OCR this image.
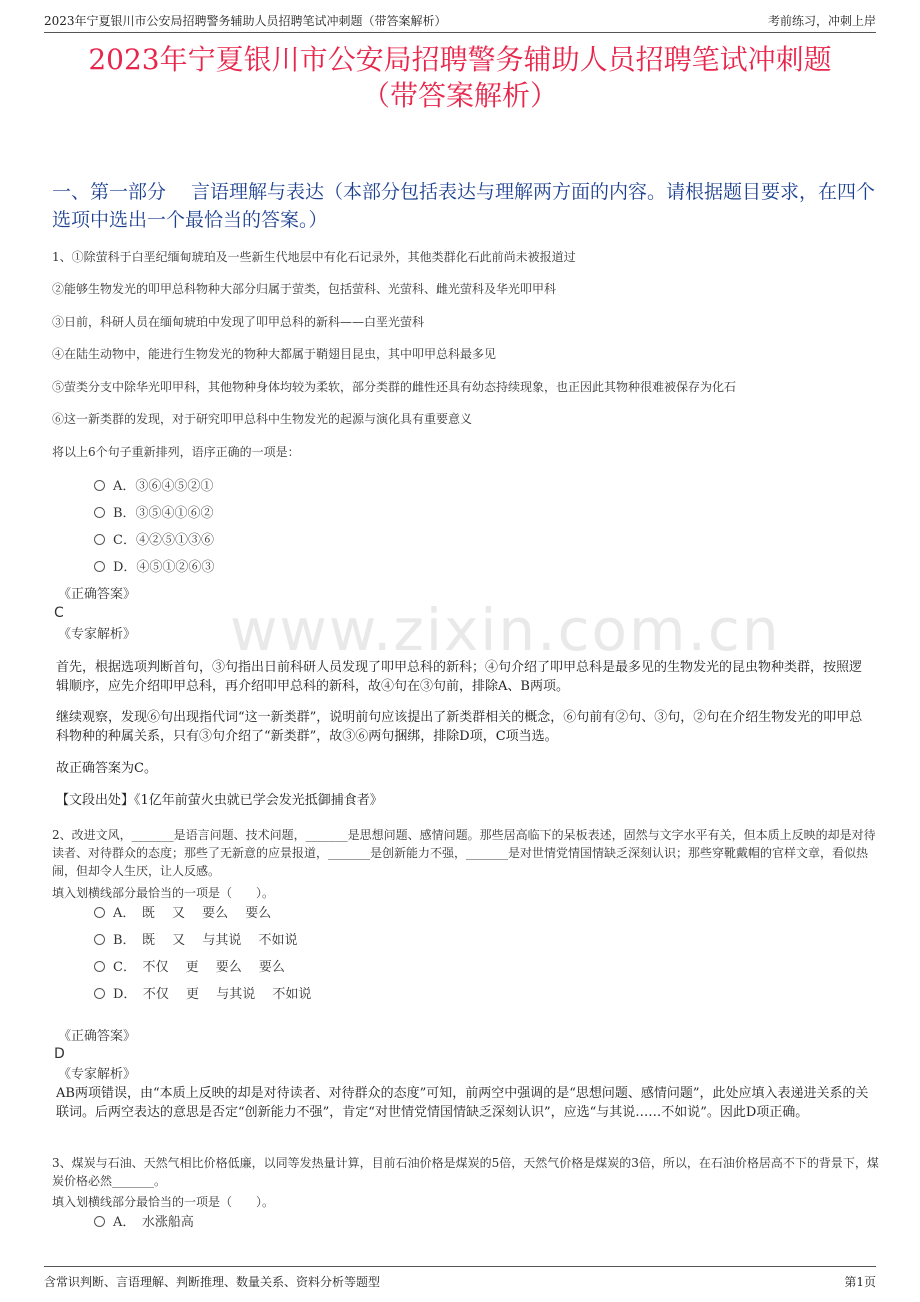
2023年宁夏银川市公安局招聘警务辅助人员招聘笔试冲刺题（带答案解析）	考前练习，冲刺上岸
2023年宁夏银川市公安局招聘警务辅助人员招聘笔试冲刺题
（带答案解析）
一、第一部分　 言语理解与表达（本部分包括表达与理解两方面的内容。请根据题目要求，在四个选项中选出一个最恰当的答案。）
1、①除萤科于白垩纪缅甸琥珀及一些新生代地层中有化石记录外，其他类群化石此前尚未被报道过
②能够生物发光的叩甲总科物种大部分归属于萤类，包括萤科、光萤科、雌光萤科及华光叩甲科
③日前，科研人员在缅甸琥珀中发现了叩甲总科的新科——白垩光萤科
④在陆生动物中，能进行生物发光的物种大都属于鞘翅目昆虫，其中叩甲总科最多见
⑤萤类分支中除华光叩甲科，其他物种身体均较为柔软，部分类群的雌性还具有幼态持续现象，也正因此其物种很难被保存为化石
⑥这一新类群的发现，对于研究叩甲总科中生物发光的起源与演化具有重要意义
将以上6个句子重新排列，语序正确的一项是：
A．③⑥④⑤②①
B．③⑤④①⑥②
C．④②⑤①③⑥
D．④⑤①②⑥③
《正确答案》
C
《专家解析》 www.zixin.com.cn
首先，根据选项判断首句，③句指出日前科研人员发现了叩甲总科的新科；④句介绍了叩甲总科是最多见的生物发光的昆虫物种类群，按照逻辑顺序，应先介绍叩甲总科，再介绍叩甲总科的新科，故④句在③句前，排除A、B两项。
继续观察，发现⑥句出现指代词“这一新类群”，说明前句应该提出了新类群相关的概念，⑥句前有②句、③句，②句在介绍生物发光的叩甲总科物种的种属关系，只有③句介绍了“新类群”，故③⑥两句捆绑，排除D项，C项当选。
故正确答案为C。
【文段出处】《1亿年前萤火虫就已学会发光抵御捕食者》
2、改进文风，_______是语言问题、技术问题，_______是思想问题、感情问题。那些居高临下的呆板表述，固然与文字水平有关，但本质上反映的却是对待读者、对待群众的态度；那些了无新意的应景报道，_______是创新能力不强，_______是对世情党情国情缺乏深刻认识；那些穿靴戴帽的官样文章，看似热闹，但却令人生厌，让人反感。
填入划横线部分最恰当的一项是（　　）。
A．　既　 又　 要么　 要么
B．　既　 又　 与其说　 不如说
C．　不仅　 更　 要么　 要么
D．　不仅　 更　 与其说　 不如说
《正确答案》
D
《专家解析》
AB两项错误，由“本质上反映的却是对待读者、对待群众的态度”可知，前两空中强调的是“思想问题、感情问题”，此处应填入表递进关系的关联词。后两空表达的意思是否定“创新能力不强”，肯定“对世情党情国情缺乏深刻认识”，应选“与其说……不如说”。因此D项正确。
3、煤炭与石油、天然气相比价格低廉，以同等发热量计算，目前石油价格是煤炭的5倍，天然气价格是煤炭的3倍，所以，在石油价格居高不下的背景下，煤炭价格必然_______。
填入划横线部分最恰当的一项是（　　）。
A．　水涨船高
含常识判断、言语理解、判断推理、数量关系、资料分析等题型	第1页
